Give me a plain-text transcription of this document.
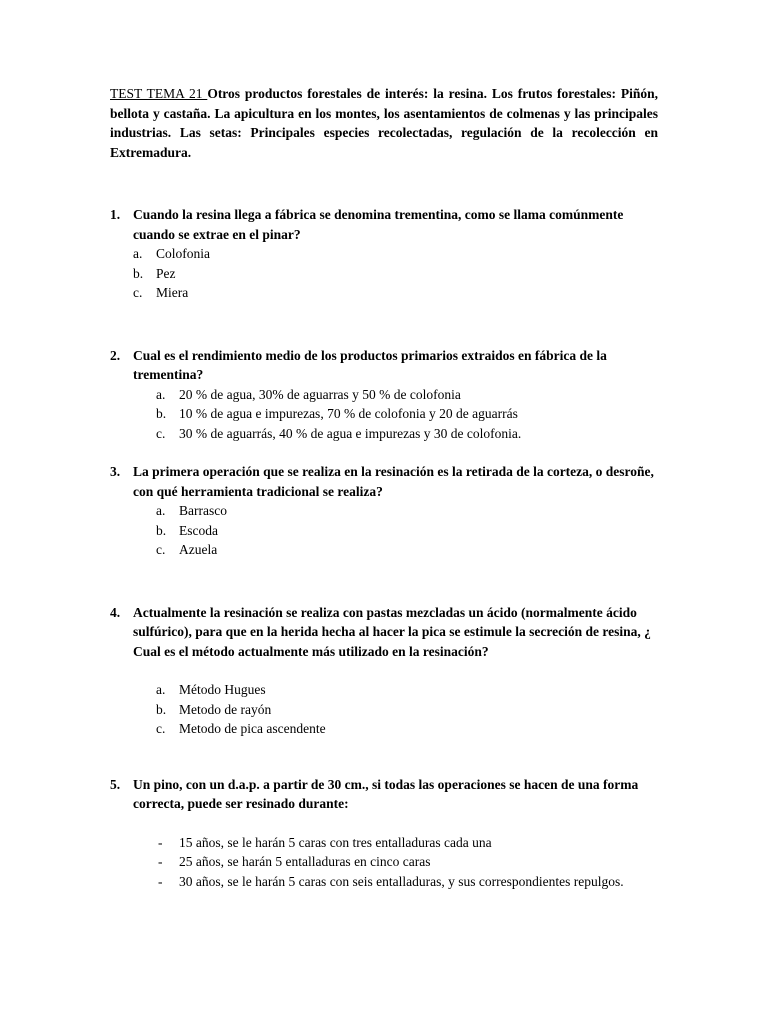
TEST TEMA 21 Otros productos forestales de interés: la resina. Los frutos forestales: Piñón, bellota y castaña. La apicultura en los montes, los asentamientos de colmenas y las principales industrias. Las setas: Principales especies recolectadas, regulación de la recolección en Extremadura.

1. Cuando la resina llega a fábrica se denomina trementina, como se llama comúnmente cuando se extrae en el pinar?

a. Colofonia
b. Pez
c. Miera
2. Cual es el rendimiento medio de los productos primarios extraidos en fábrica de la trementina?

a. 20 % de agua, 30% de aguarras y 50 % de colofonia
b. 10 % de agua e impurezas, 70 % de colofonia y 20 de aguarrás
c. 30 % de aguarrás, 40 % de agua e impurezas y 30 de colofonia.
3. La primera operación que se realiza en la resinación es la retirada de la corteza, o desroñe, con qué herramienta tradicional se realiza?

a. Barrasco
b. Escoda
c. Azuela
4. Actualmente la resinación se realiza con pastas mezcladas un ácido (normalmente ácido sulfúrico), para que en la herida hecha al hacer la pica se estimule la secreción de resina, ¿ Cual es el método actualmente más utilizado en la resinación?

a. Método Hugues
b. Metodo de rayón
c. Metodo de pica ascendente
5. Un pino, con un d.a.p. a partir de 30 cm., si todas las operaciones se hacen de una forma correcta, puede ser resinado durante:

- 15 años, se le harán 5 caras con tres entalladuras cada una
- 25 años, se harán 5 entalladuras en cinco caras
- 30 años, se le harán 5 caras con seis entalladuras, y sus correspondientes repulgos.
